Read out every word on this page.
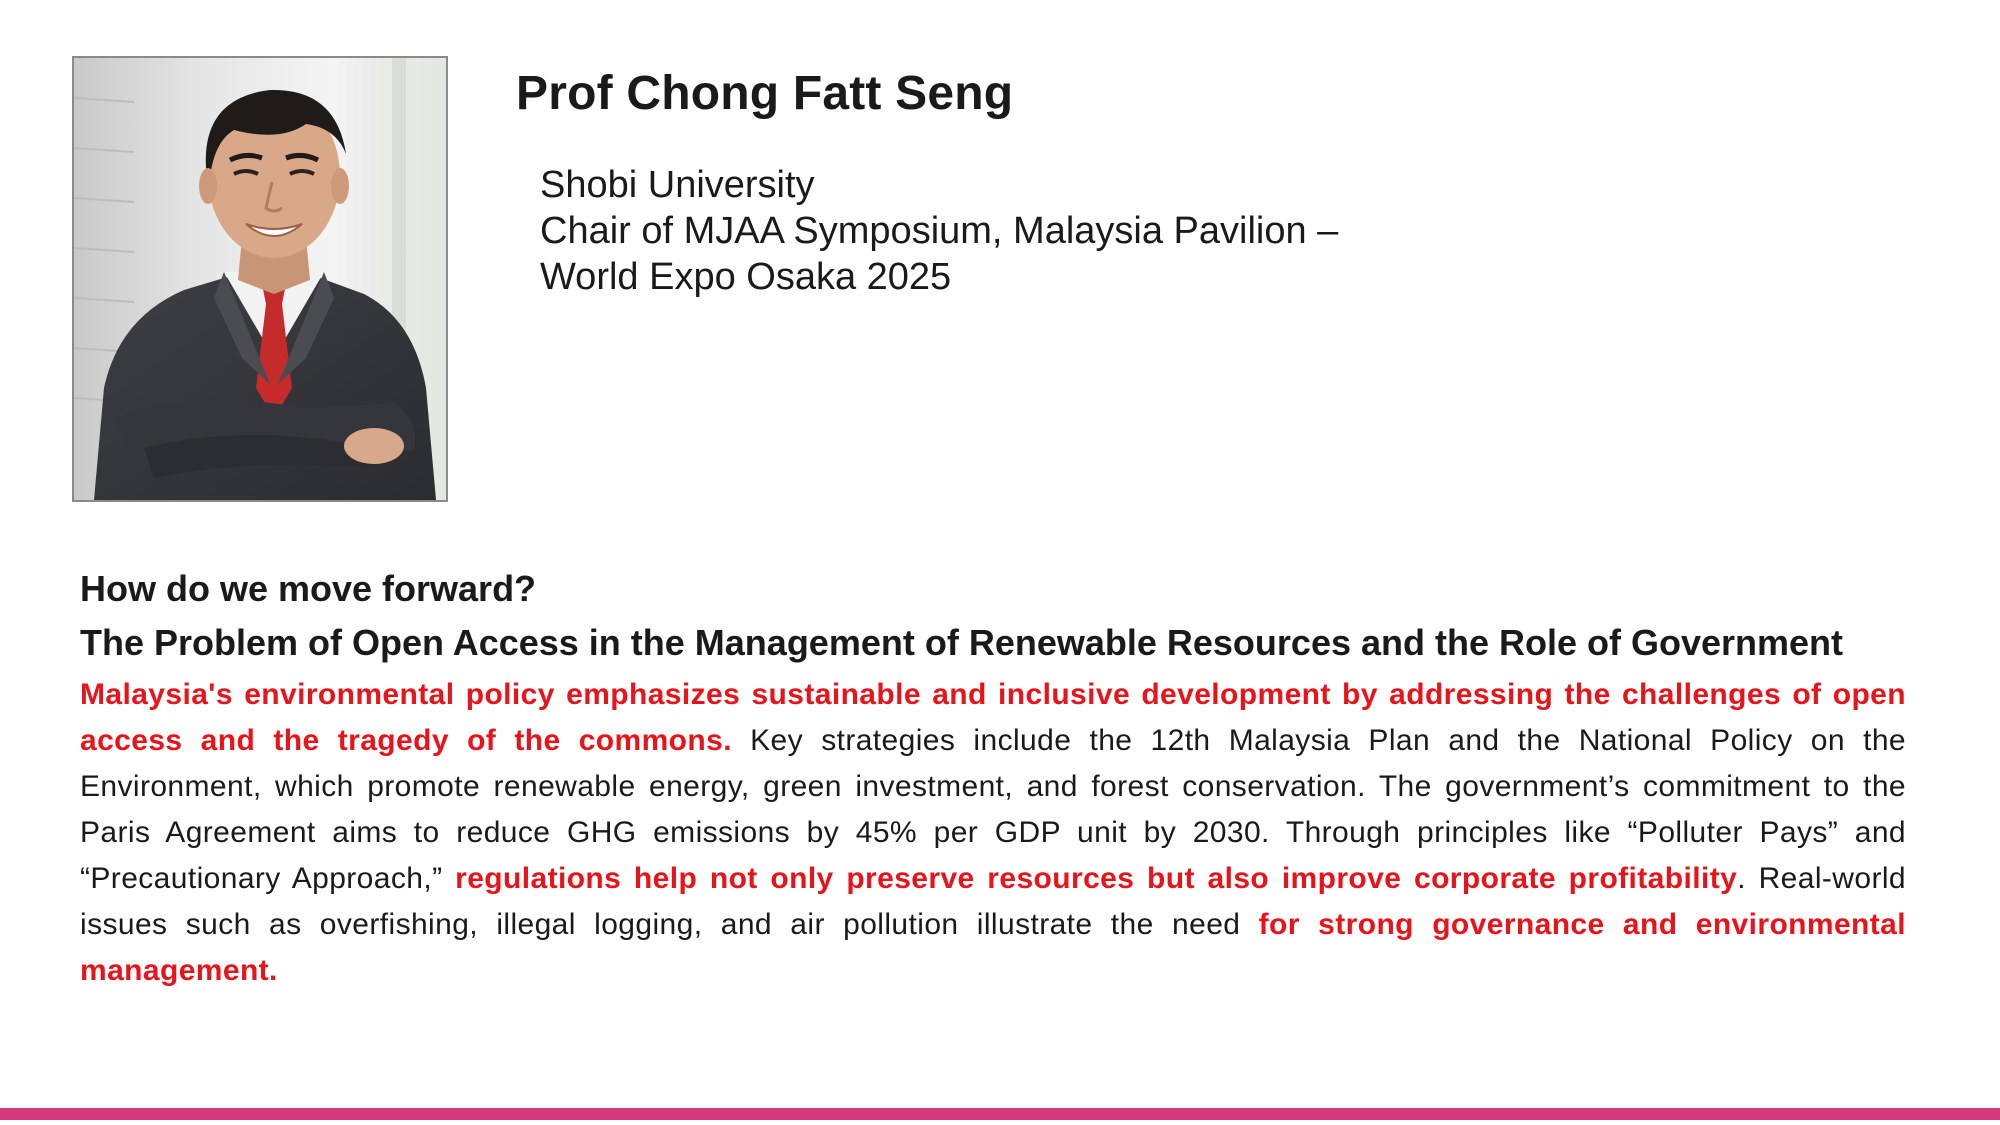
Prof Chong Fatt Seng
Shobi University
Chair of MJAA Symposium, Malaysia Pavilion –
World Expo Osaka 2025

How do we move forward?

The Problem of Open Access in the Management of Renewable Resources and the Role of Government

Malaysia's environmental policy emphasizes sustainable and inclusive development by addressing the challenges of open access and the tragedy of the commons. Key strategies include the 12th Malaysia Plan and the National Policy on the Environment, which promote renewable energy, green investment, and forest conservation. The government’s commitment to the Paris Agreement aims to reduce GHG emissions by 45% per GDP unit by 2030. Through principles like “Polluter Pays” and “Precautionary Approach,” regulations help not only preserve resources but also improve corporate profitability. Real-world issues such as overfishing, illegal logging, and air pollution illustrate the need for strong governance and environmental management.
